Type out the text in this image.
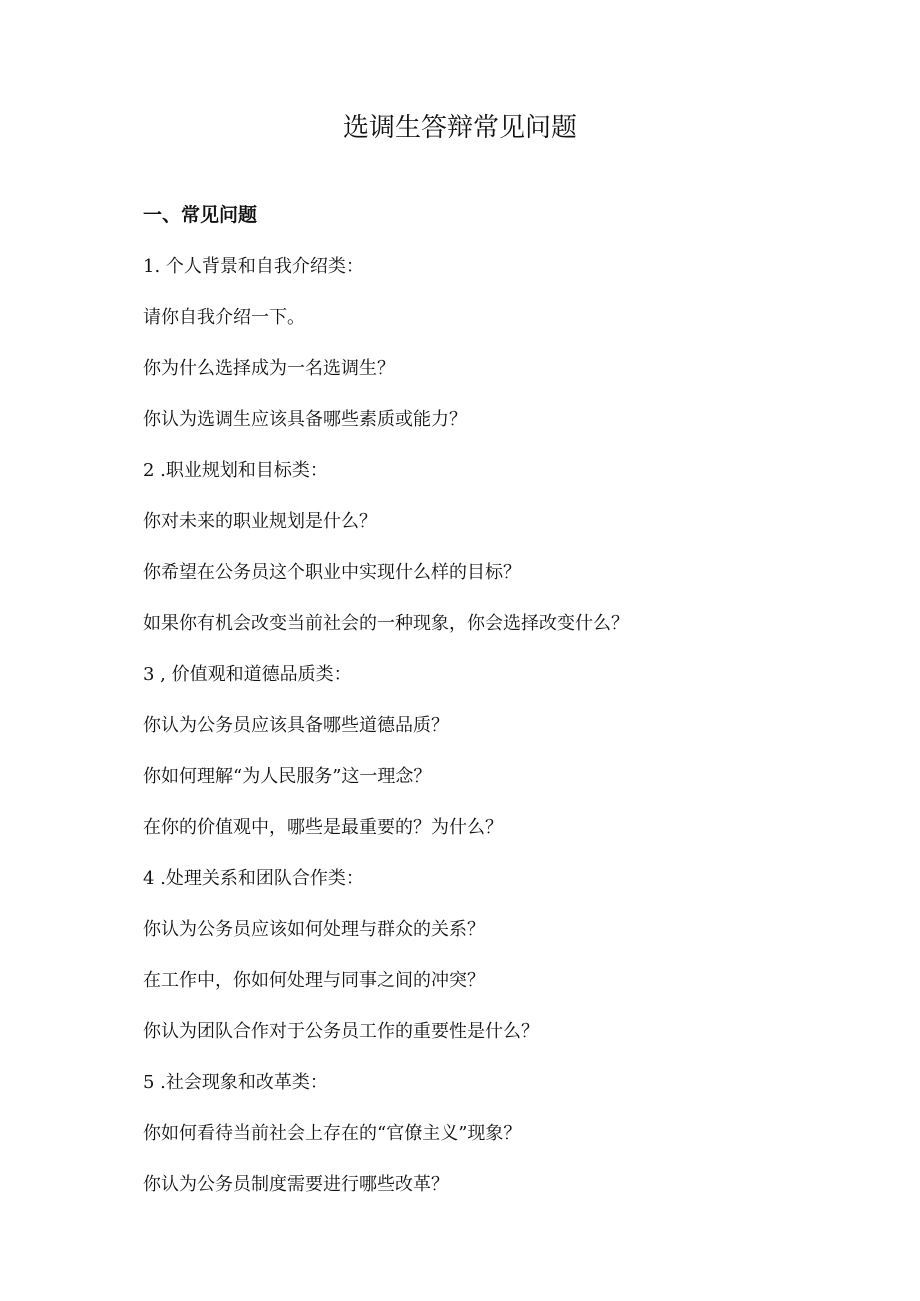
选调生答辩常见问题
一、常见问题
1. 个人背景和自我介绍类：
请你自我介绍一下。
你为什么选择成为一名选调生？
你认为选调生应该具备哪些素质或能力？
2 .职业规划和目标类：
你对未来的职业规划是什么？
你希望在公务员这个职业中实现什么样的目标？
如果你有机会改变当前社会的一种现象，你会选择改变什么？
3 , 价值观和道德品质类：
你认为公务员应该具备哪些道德品质？
你如何理解“为人民服务”这一理念？
在你的价值观中，哪些是最重要的？为什么？
4 .处理关系和团队合作类：
你认为公务员应该如何处理与群众的关系？
在工作中，你如何处理与同事之间的冲突？
你认为团队合作对于公务员工作的重要性是什么？
5 .社会现象和改革类：
你如何看待当前社会上存在的“官僚主义”现象？
你认为公务员制度需要进行哪些改革？
